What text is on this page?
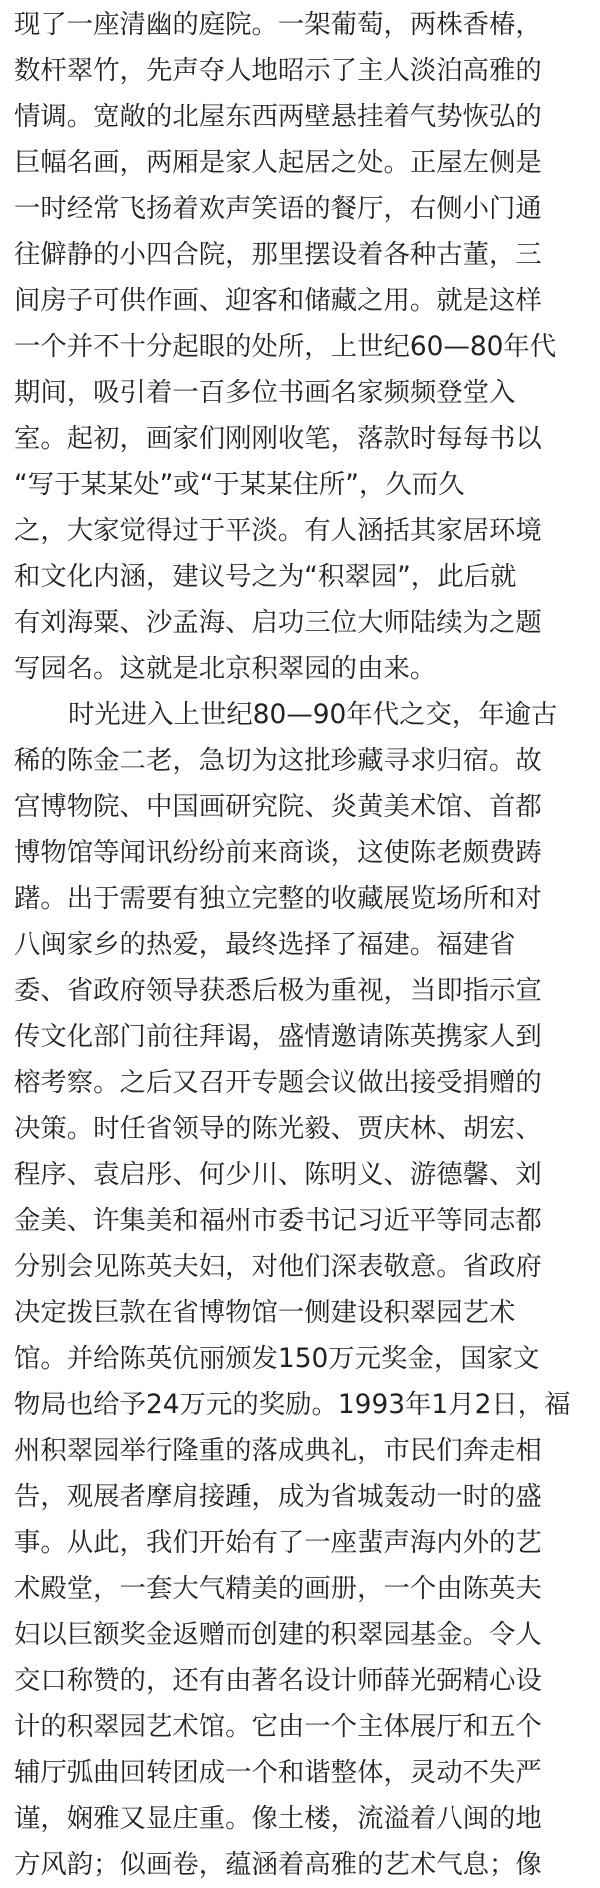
现了一座清幽的庭院。一架葡萄，两株香椿，
数杆翠竹，先声夺人地昭示了主人淡泊高雅的
情调。宽敞的北屋东西两壁悬挂着气势恢弘的
巨幅名画，两厢是家人起居之处。正屋左侧是
一时经常飞扬着欢声笑语的餐厅，右侧小门通
往僻静的小四合院，那里摆设着各种古董，三
间房子可供作画、迎客和储藏之用。就是这样
一个并不十分起眼的处所，上世纪60—80年代
期间，吸引着一百多位书画名家频频登堂入
室。起初，画家们刚刚收笔，落款时每每书以
“写于某某处”或“于某某住所”，久而久
之，大家觉得过于平淡。有人涵括其家居环境
和文化内涵，建议号之为“积翠园”，此后就
有刘海粟、沙孟海、启功三位大师陆续为之题
写园名。这就是北京积翠园的由来。
时光进入上世纪80—90年代之交，年逾古
稀的陈金二老，急切为这批珍藏寻求归宿。故
宫博物院、中国画研究院、炎黄美术馆、首都
博物馆等闻讯纷纷前来商谈，这使陈老颇费踌
躇。出于需要有独立完整的收藏展览场所和对
八闽家乡的热爱，最终选择了福建。福建省
委、省政府领导获悉后极为重视，当即指示宣
传文化部门前往拜谒，盛情邀请陈英携家人到
榕考察。之后又召开专题会议做出接受捐赠的
决策。时任省领导的陈光毅、贾庆林、胡宏、
程序、袁启彤、何少川、陈明义、游德馨、刘
金美、许集美和福州市委书记习近平等同志都
分别会见陈英夫妇，对他们深表敬意。省政府
决定拨巨款在省博物馆一侧建设积翠园艺术
馆。并给陈英伉丽颁发150万元奖金，国家文
物局也给予24万元的奖励。1993年1月2日，福
州积翠园举行隆重的落成典礼，市民们奔走相
告，观展者摩肩接踵，成为省城轰动一时的盛
事。从此，我们开始有了一座蜚声海内外的艺
术殿堂，一套大气精美的画册，一个由陈英夫
妇以巨额奖金返赠而创建的积翠园基金。令人
交口称赞的，还有由著名设计师薛光弼精心设
计的积翠园艺术馆。它由一个主体展厅和五个
辅厅弧曲回转团成一个和谐整体，灵动不失严
谨，娴雅又显庄重。像土楼，流溢着八闽的地
方风韵；似画卷，蕴涵着高雅的艺术气息；像
